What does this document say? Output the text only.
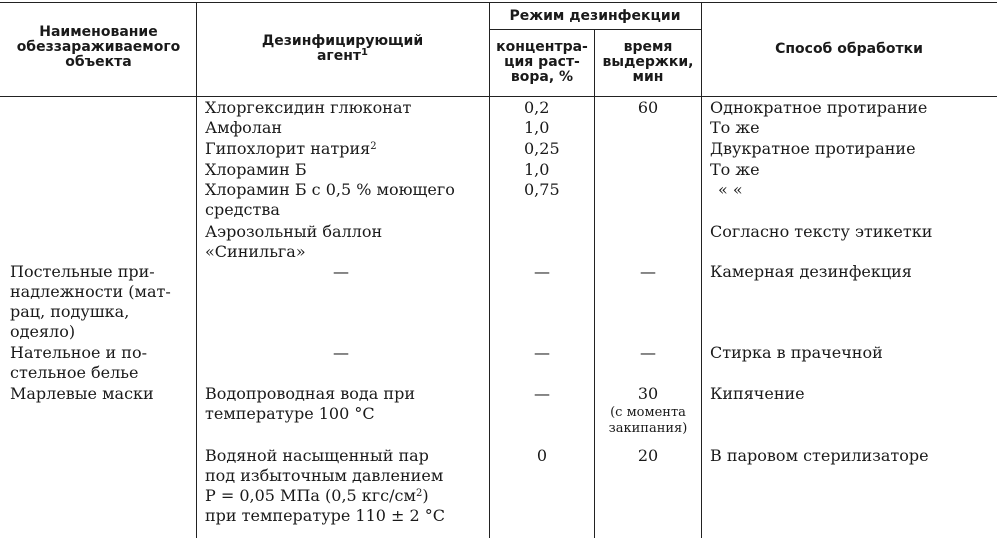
Наименование
обеззараживаемого
объекта
Дезинфицирующий
агент$^1$
Режим дезинфекции
концентра-
ция раст-
вора, %
время
выдержки,
мин
Способ обработки
Постельные при-
надлежности (мат-
рац, подушка,
одеяло)
Нательное и по-
стельное белье
Марлевые маски
Хлоргексидин глюконат
Амфолан
Гипохлорит натрия$^2$
Хлорамин Б
Хлорамин Б с 0,5 % моющего
средства
Аэрозольный баллон
«Синильга»
—
—
Водопроводная вода при
температуре 100 °С
Водяной насыщенный пар
под избыточным давлением
Р = 0,05 МПа (0,5 кгс/$см^2$)
при температуре 110 ± 2 °С
0,2
1,0
0,25
1,0
0,75
—
—
—
0
60
—
—
30
(с момента
закипания)
20
Однократное протирание
То же
Двукратное протирание
То же
« «
Согласно тексту этикетки
Камерная дезинфекция
Стирка в прачечной
Кипячение
В паровом стерилизаторе
